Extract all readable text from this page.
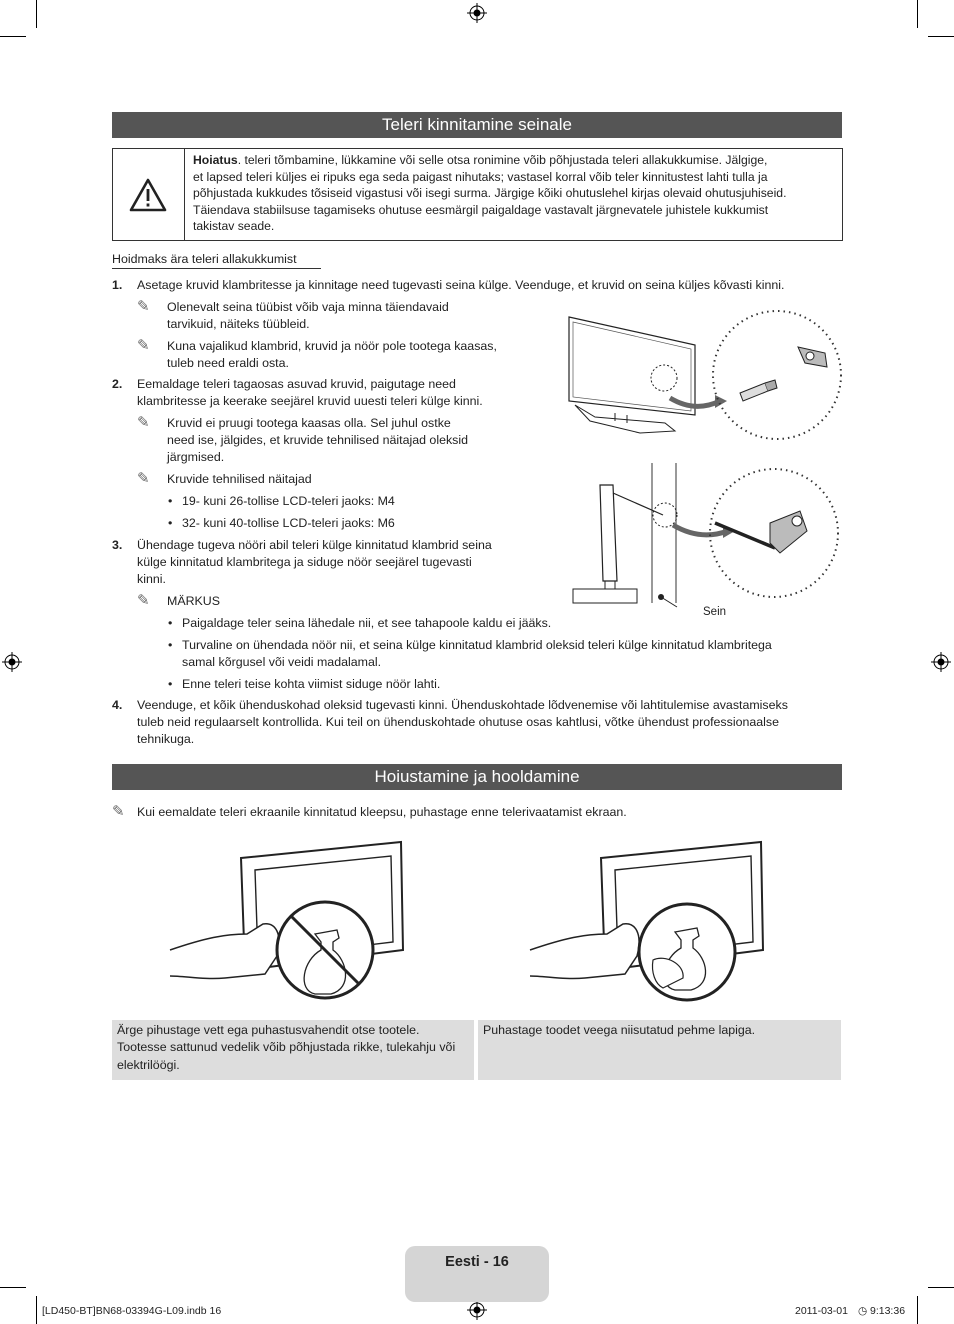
Teleri kinnitamine seinale
Hoiatus. teleri tõmbamine, lükkamine või selle otsa ronimine võib põhjustada teleri allakukkumise. Jälgige,
et lapsed teleri küljes ei ripuks ega seda paigast nihutaks; vastasel korral võib teler kinnitustest lahti tulla ja
põhjustada kukkudes tõsiseid vigastusi või isegi surma. Järgige kõiki ohutuslehel kirjas olevaid ohutusjuhiseid.
Täiendava stabiilsuse tagamiseks ohutuse eesmärgil paigaldage vastavalt järgnevatele juhistele kukkumist
takistav seade.
Hoidmaks ära teleri allakukkumist
1. Asetage kruvid klambritesse ja kinnitage need tugevasti seina külge. Veenduge, et kruvid on seina küljes kõvasti kinni.
✎ Olenevalt seina tüübist võib vaja minna täiendavaid
tarvikuid, näiteks tüübleid.
✎ Kuna vajalikud klambrid, kruvid ja nöör pole tootega kaasas,
tuleb need eraldi osta.
2. Eemaldage teleri tagaosas asuvad kruvid, paigutage need
klambritesse ja keerake seejärel kruvid uuesti teleri külge kinni.
✎ Kruvid ei pruugi tootega kaasas olla. Sel juhul ostke
need ise, jälgides, et kruvide tehnilised näitajad oleksid
järgmised.
✎ Kruvide tehnilised näitajad
• 19- kuni 26-tollise LCD-teleri jaoks: M4
• 32- kuni 40-tollise LCD-teleri jaoks: M6
3. Ühendage tugeva nööri abil teleri külge kinnitatud klambrid seina
külge kinnitatud klambritega ja siduge nöör seejärel tugevasti
kinni.
✎ MÄRKUS
• Paigaldage teler seina lähedale nii, et see tahapoole kaldu ei jääks.
• Turvaline on ühendada nöör nii, et seina külge kinnitatud klambrid oleksid teleri külge kinnitatud klambritega
samal kõrgusel või veidi madalamal.
• Enne teleri teise kohta viimist siduge nöör lahti.
4. Veenduge, et kõik ühenduskohad oleksid tugevasti kinni. Ühenduskohtade lõdvenemise või lahtitulemise avastamiseks
tuleb neid regulaarselt kontrollida. Kui teil on ühenduskohtade ohutuse osas kahtlusi, võtke ühendust professionaalse
tehnikuga.
Sein
Hoiustamine ja hooldamine
✎ Kui eemaldate teleri ekraanile kinnitatud kleepsu, puhastage enne telerivaatamist ekraan.
Ärge pihustage vett ega puhastusvahendit otse tootele.
Tootesse sattunud vedelik võib põhjustada rikke, tulekahju või
elektrilöögi.
Puhastage toodet veega niisutatud pehme lapiga.
Eesti - 16
[LD450-BT]BN68-03394G-L09.indb 16	2011-03-01 ◷ 9:13:36
